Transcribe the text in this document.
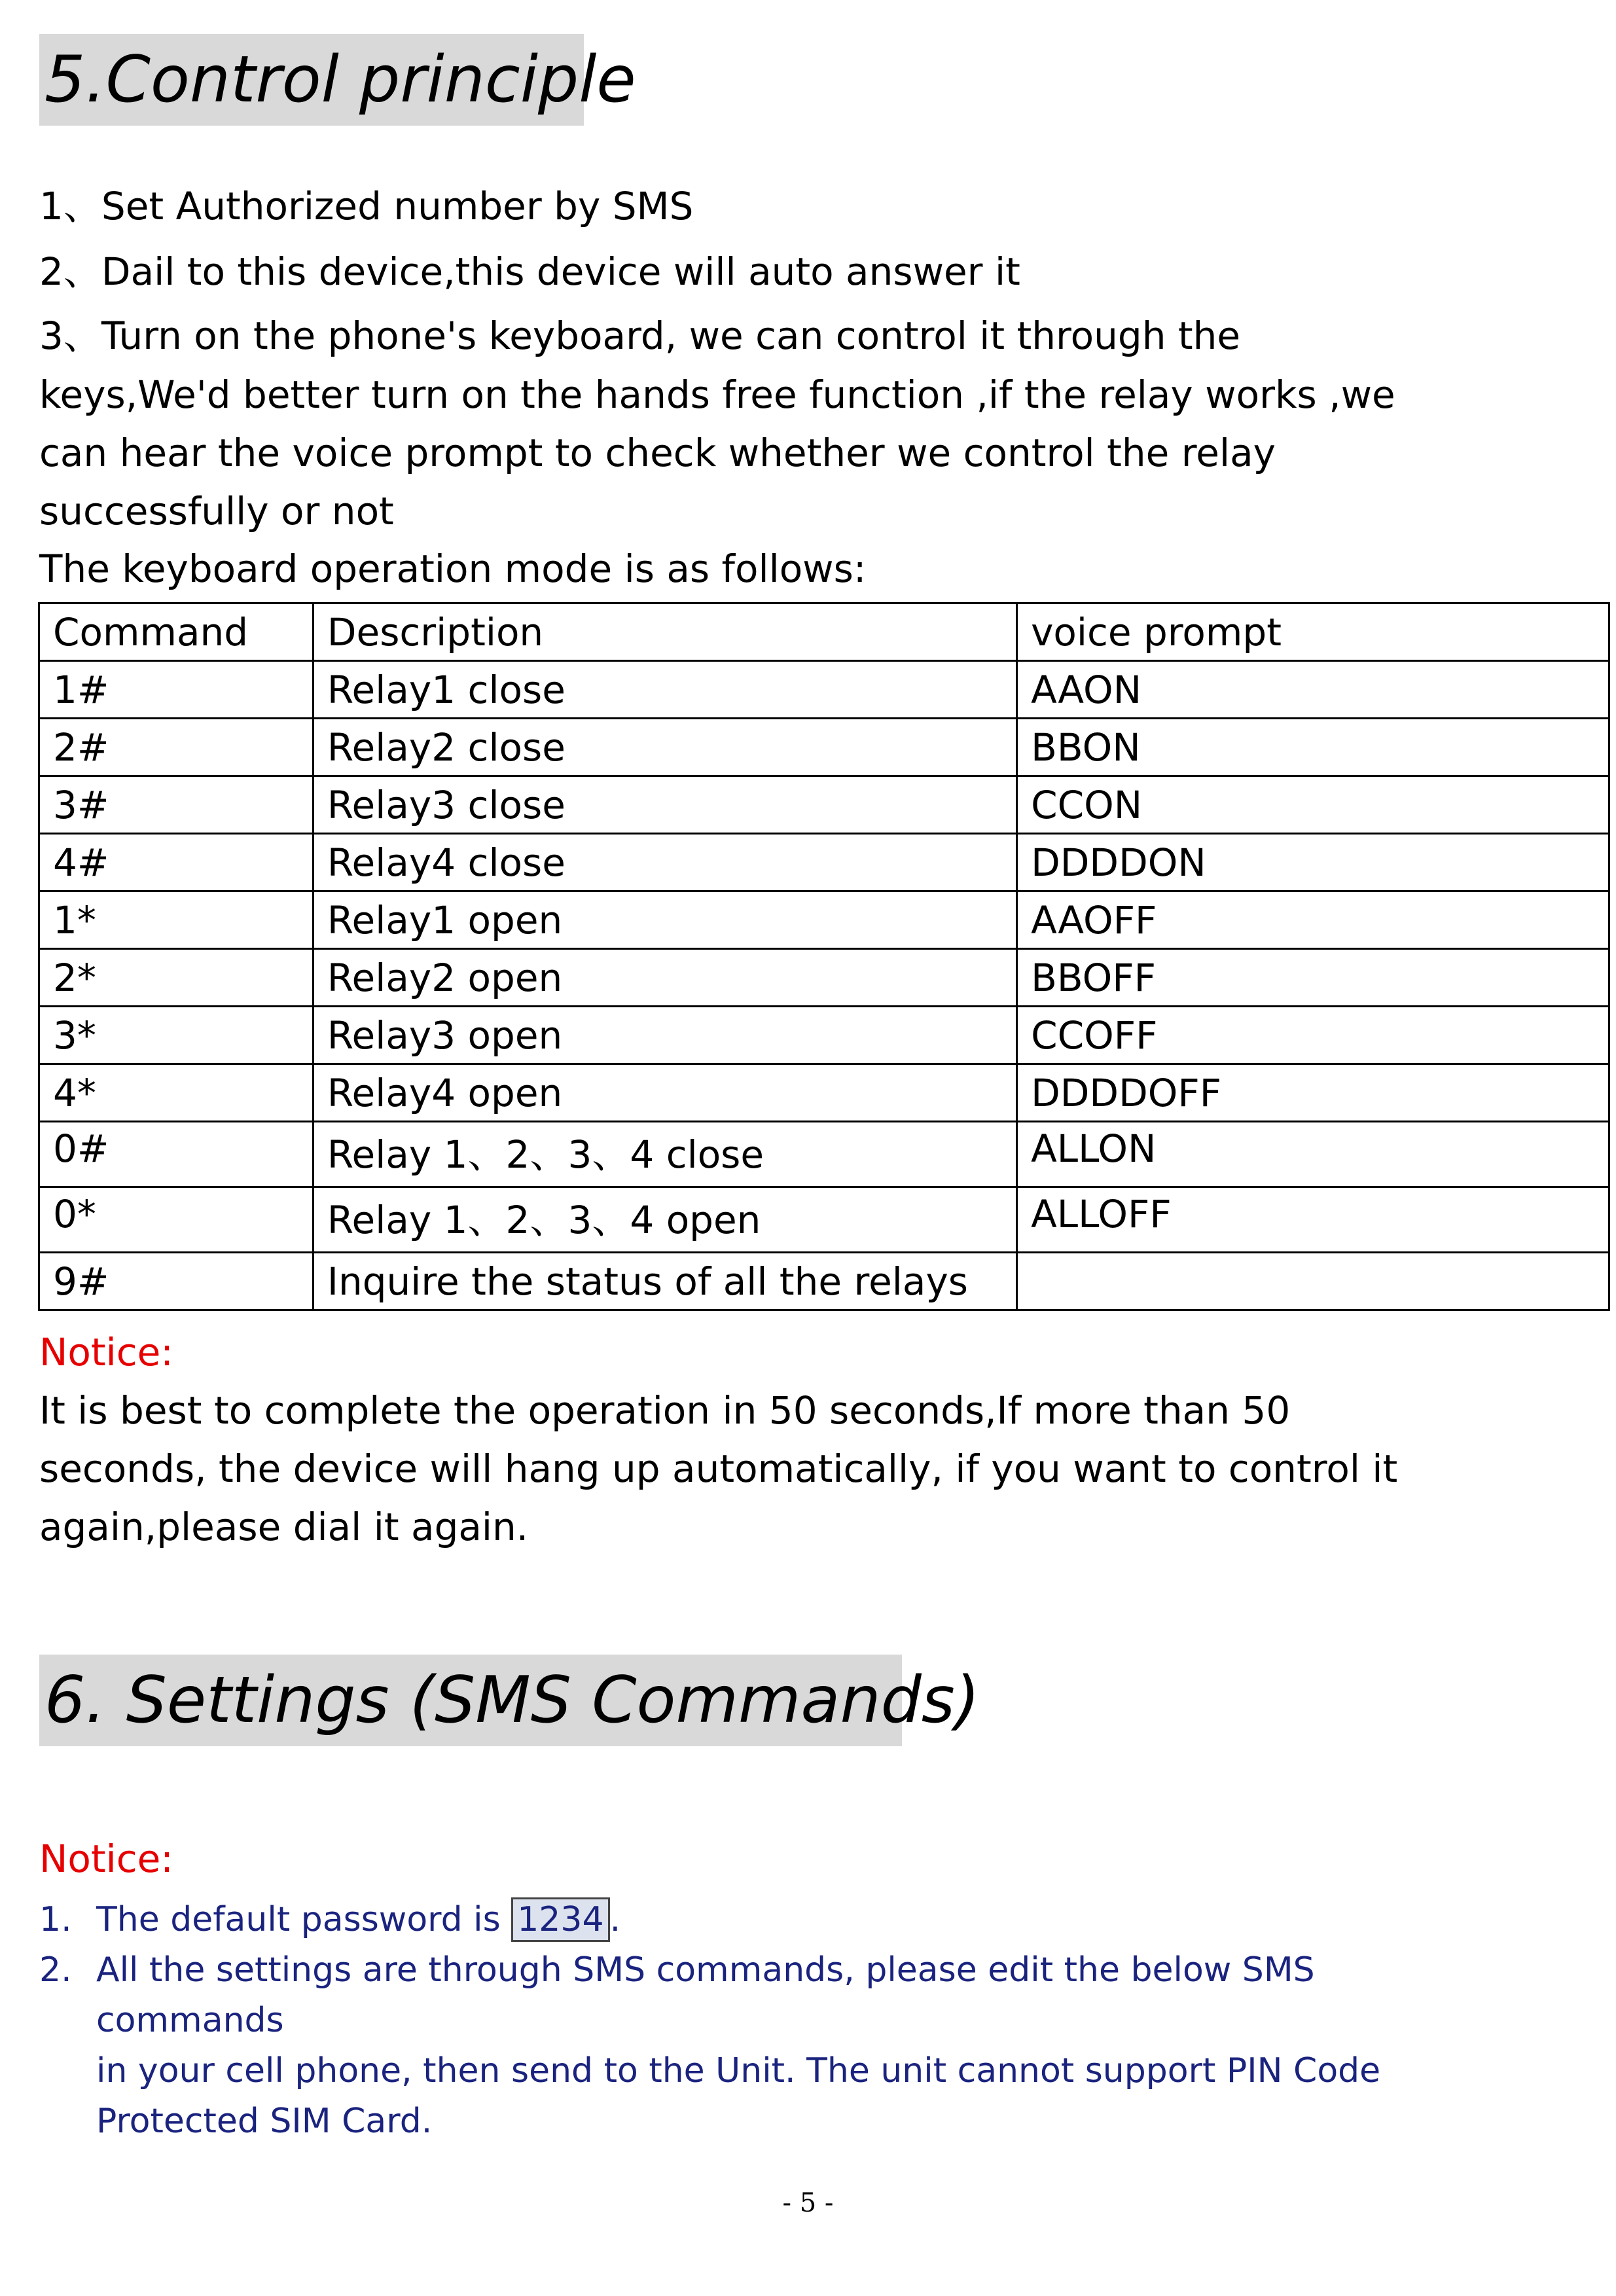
5.Control principle

1、Set Authorized number by SMS

2、Dail to this device,this device will auto answer it

3、Turn on the phone's keyboard, we can control it through the

keys,We'd better turn on the hands free function ,if the relay works ,we

can hear the voice prompt to check whether we control the relay

successfully or not

The keyboard operation mode is as follows:

Command	Description	voice prompt
1#	Relay1 close	AAON
2#	Relay2 close	BBON
3#	Relay3 close	CCON
4#	Relay4 close	DDDDON
1*	Relay1 open	AAOFF
2*	Relay2 open	BBOFF
3*	Relay3 open	CCOFF
4*	Relay4 open	DDDDOFF
0#	Relay 1、2、3、4 close	ALLON
0*	Relay 1、2、3、4 open	ALLOFF
9#	Inquire the status of all the relays	

Notice:

It is best to complete the operation in 50 seconds,If more than 50

seconds, the device will hang up automatically, if you want to control it

again,please dial it again.

6. Settings (SMS Commands)

Notice:

1. The default password is 1234 .

2. All the settings are through SMS commands, please edit the below SMS commands
in your cell phone, then send to the Unit. The unit cannot support PIN Code
Protected SIM Card.

- 5 -
